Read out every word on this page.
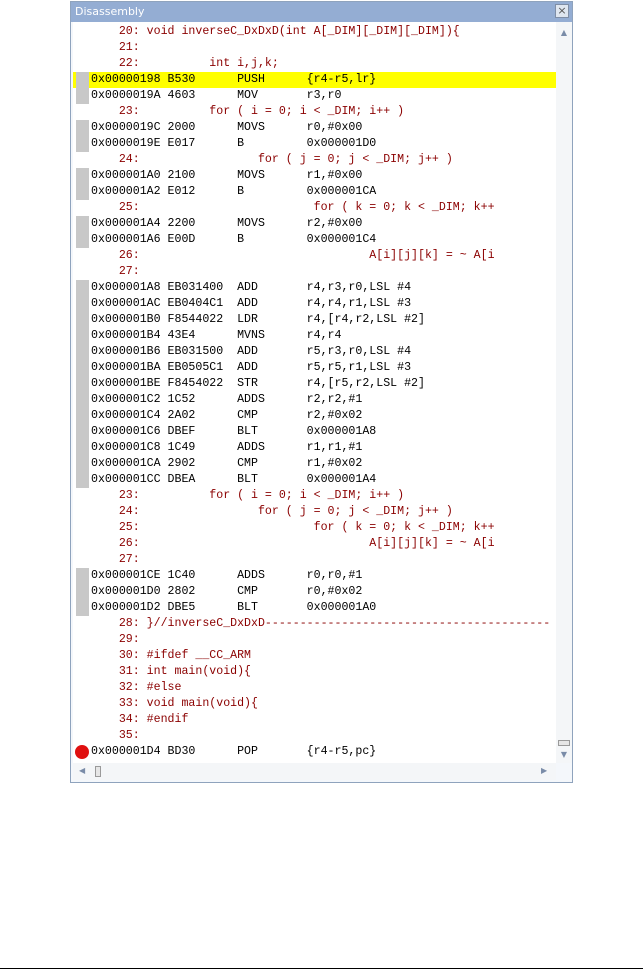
Disassembly	×
20: void inverseC_DxDxD(int A[_DIM][_DIM][_DIM]){
21:
22:          int i,j,k;
0x00000198 B530      PUSH      {r4-r5,lr}
0x0000019A 4603      MOV       r3,r0
23:          for ( i = 0; i < _DIM; i++ )
0x0000019C 2000      MOVS      r0,#0x00
0x0000019E E017      B         0x000001D0
24:                 for ( j = 0; j < _DIM; j++ )
0x000001A0 2100      MOVS      r1,#0x00
0x000001A2 E012      B         0x000001CA
25:                         for ( k = 0; k < _DIM; k++
0x000001A4 2200      MOVS      r2,#0x00
0x000001A6 E00D      B         0x000001C4
26:                                 A[i][j][k] = ~ A[i
27:
0x000001A8 EB031400  ADD       r4,r3,r0,LSL #4
0x000001AC EB0404C1  ADD       r4,r4,r1,LSL #3
0x000001B0 F8544022  LDR       r4,[r4,r2,LSL #2]
0x000001B4 43E4      MVNS      r4,r4
0x000001B6 EB031500  ADD       r5,r3,r0,LSL #4
0x000001BA EB0505C1  ADD       r5,r5,r1,LSL #3
0x000001BE F8454022  STR       r4,[r5,r2,LSL #2]
0x000001C2 1C52      ADDS      r2,r2,#1
0x000001C4 2A02      CMP       r2,#0x02
0x000001C6 DBEF      BLT       0x000001A8
0x000001C8 1C49      ADDS      r1,r1,#1
0x000001CA 2902      CMP       r1,#0x02
0x000001CC DBEA      BLT       0x000001A4
23:          for ( i = 0; i < _DIM; i++ )
24:                 for ( j = 0; j < _DIM; j++ )
25:                         for ( k = 0; k < _DIM; k++
26:                                 A[i][j][k] = ~ A[i
27:
0x000001CE 1C40      ADDS      r0,r0,#1
0x000001D0 2802      CMP       r0,#0x02
0x000001D2 DBE5      BLT       0x000001A0
28: }//inverseC_DxDxD-----------------------------------------
29:
30: #ifdef __CC_ARM
31: int main(void){
32: #else
33: void main(void){
34: #endif
35:
0x000001D4 BD30      POP       {r4-r5,pc}
▲
▼
◀	▶
